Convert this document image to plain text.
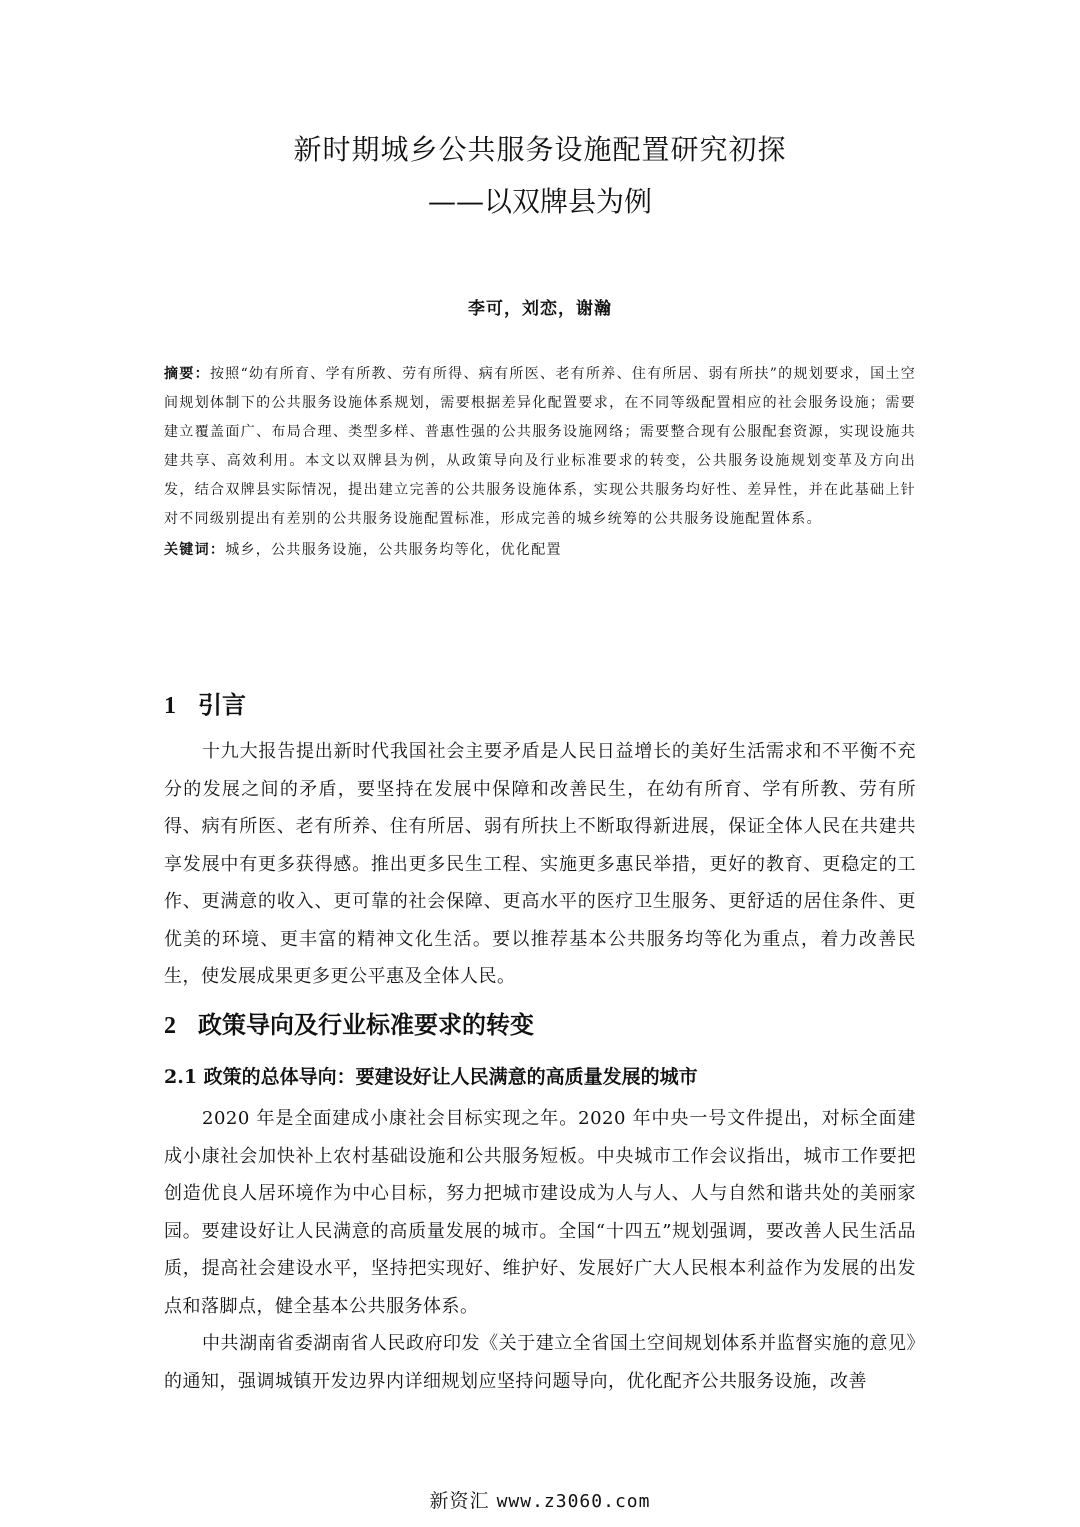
新时期城乡公共服务设施配置研究初探
——以双牌县为例
李可，刘恋，谢瀚

摘要：按照“幼有所育、学有所教、劳有所得、病有所医、老有所养、住有所居、弱有所扶”的规划要求，国土空间规划体制下的公共服务设施体系规划，需要根据差异化配置要求，在不同等级配置相应的社会服务设施；需要建立覆盖面广、布局合理、类型多样、普惠性强的公共服务设施网络；需要整合现有公服配套资源，实现设施共建共享、高效利用。本文以双牌县为例，从政策导向及行业标准要求的转变，公共服务设施规划变革及方向出发，结合双牌县实际情况，提出建立完善的公共服务设施体系，实现公共服务均好性、差异性，并在此基础上针对不同级别提出有差别的公共服务设施配置标准，形成完善的城乡统筹的公共服务设施配置体系。

关键词：城乡，公共服务设施，公共服务均等化，优化配置

1 引言

十九大报告提出新时代我国社会主要矛盾是人民日益增长的美好生活需求和不平衡不充分的发展之间的矛盾，要坚持在发展中保障和改善民生，在幼有所育、学有所教、劳有所得、病有所医、老有所养、住有所居、弱有所扶上不断取得新进展，保证全体人民在共建共享发展中有更多获得感。推出更多民生工程、实施更多惠民举措，更好的教育、更稳定的工作、更满意的收入、更可靠的社会保障、更高水平的医疗卫生服务、更舒适的居住条件、更优美的环境、更丰富的精神文化生活。要以推荐基本公共服务均等化为重点，着力改善民生，使发展成果更多更公平惠及全体人民。

2 政策导向及行业标准要求的转变
2.1 政策的总体导向：要建设好让人民满意的高质量发展的城市

2020 年是全面建成小康社会目标实现之年。2020 年中央一号文件提出，对标全面建成小康社会加快补上农村基础设施和公共服务短板。中央城市工作会议指出，城市工作要把创造优良人居环境作为中心目标，努力把城市建设成为人与人、人与自然和谐共处的美丽家园。要建设好让人民满意的高质量发展的城市。全国“十四五”规划强调，要改善人民生活品质，提高社会建设水平，坚持把实现好、维护好、发展好广大人民根本利益作为发展的出发点和落脚点，健全基本公共服务体系。

中共湖南省委湖南省人民政府印发《关于建立全省国土空间规划体系并监督实施的意见》的通知，强调城镇开发边界内详细规划应坚持问题导向，优化配齐公共服务设施，改善

新资汇 www.z3060.com
